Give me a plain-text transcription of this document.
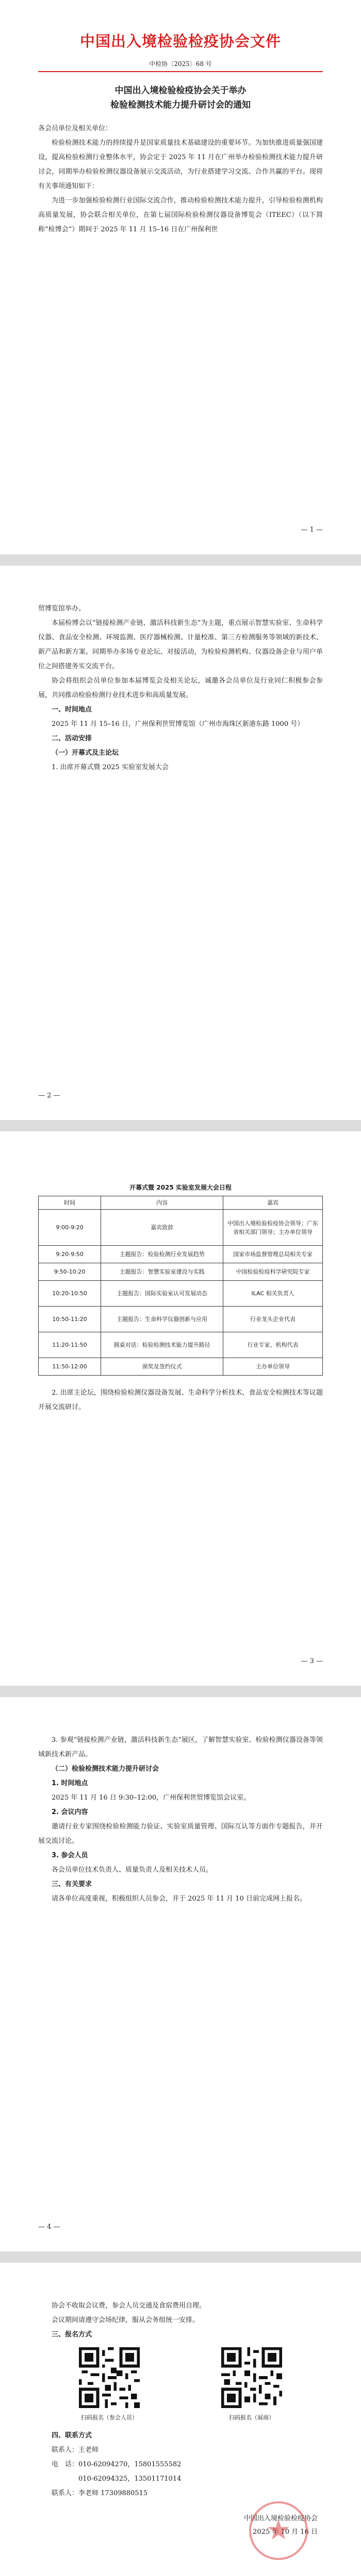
中国出入境检验检疫协会文件
中检协〔2025〕68 号

中国出入境检验检疫协会关于举办

检验检测技术能力提升研讨会的通知

各会员单位及相关单位：

检验检测技术能力的持续提升是国家质量技术基础建设的重要环节。为加快推进质量强国建设，提高检验检测行业整体水平，协会定于 2025 年 11 月在广州举办检验检测技术能力提升研讨会，同期举办检验检测仪器设备展示交流活动，为行业搭建学习交流、合作共赢的平台。现将有关事项通知如下：

为进一步加强检验检测行业国际交流合作，推动检验检测技术能力提升，引导检验检测机构高质量发展，协会联合相关单位，在第七届国际检验检测仪器设备博览会（ITEEC）（以下简称“检博会”）期间于 2025 年 11 月 15–16 日在广州保利世

— 1 —

贸博览馆举办。

本届检博会以“链接检测产业链，激活科技新生态”为主题，重点展示智慧实验室、生命科学仪器、食品安全检测、环境监测、医疗器械检测、计量校准、第三方检测服务等领域的新技术、新产品和新方案。同期举办多场专业论坛、对接活动，为检验检测机构、仪器设备企业与用户单位之间搭建务实交流平台。

协会将组织会员单位参加本届博览会及相关论坛，诚邀各会员单位及行业同仁积极参会参展，共同推动检验检测行业技术进步和高质量发展。

一、时间地点

2025 年 11 月 15–16 日，广州保利世贸博览馆（广州市海珠区新港东路 1000 号）

二、活动安排

（一）开幕式及主论坛

1. 出席开幕式暨 2025 实验室发展大会

— 2 —
开幕式暨 2025 实验室发展大会日程
时间	内容	嘉宾
9:00-9:20	嘉宾致辞	中国出入境检验检疫协会领导；广东省相关部门领导；主办单位领导
9:20-9:50	主题报告：检验检测行业发展趋势	国家市场监督管理总局相关专家
9:50-10:20	主题报告：智慧实验室建设与实践	中国检验检疫科学研究院专家
10:20-10:50	主题报告：国际实验室认可发展动态	ILAC 相关负责人
10:50-11:20	主题报告：生命科学仪器创新与应用	行业龙头企业代表
11:20-11:50	圆桌对话：检验检测技术能力提升路径	行业专家、机构代表
11:50-12:00	颁奖及签约仪式	主办单位领导

2. 出席主论坛，围绕检验检测仪器设备发展、生命科学分析技术、食品安全检测技术等议题开展交流研讨。

— 3 —

3. 参观“链接检测产业链，激活科技新生态”展区，了解智慧实验室、检验检测仪器设备等领域新技术新产品。

（二）检验检测技术能力提升研讨会

1. 时间地点

2025 年 11 月 16 日 9:30–12:00，广州保利世贸博览馆会议室。

2. 会议内容

邀请行业专家围绕检验检测能力验证、实验室质量管理、国际互认等方面作专题报告，并开展交流讨论。

3. 参会人员

各会员单位技术负责人、质量负责人及相关技术人员。

三、有关要求

请各单位高度重视，积极组织人员参会，并于 2025 年 11 月 10 日前完成网上报名。

— 4 —

协会不收取会议费，参会人员交通及食宿费用自理。

会议期间请遵守会场纪律，服从会务组统一安排。

三、报名方式

扫码报名（参会人员）	扫码报名（展商）

四、联系方式

联系人：王老师

电　话：010-62094270，15801555582

　　　　010-62094325，13501171014

联系人：李老师 17309880515

中国出入境检验检疫协会
2025 年 10 月 16 日
